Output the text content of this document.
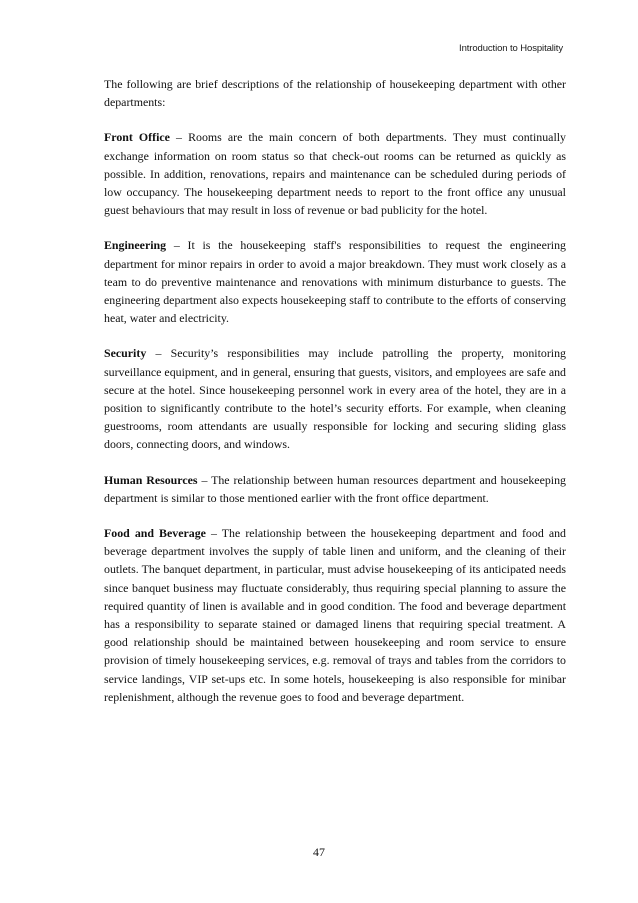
Introduction to Hospitality

The following are brief descriptions of the relationship of housekeeping department with other departments:

Front Office – Rooms are the main concern of both departments. They must continually exchange information on room status so that check-out rooms can be returned as quickly as possible. In addition, renovations, repairs and maintenance can be scheduled during periods of low occupancy. The housekeeping department needs to report to the front office any unusual guest behaviours that may result in loss of revenue or bad publicity for the hotel.

Engineering – It is the housekeeping staff's responsibilities to request the engineering department for minor repairs in order to avoid a major breakdown. They must work closely as a team to do preventive maintenance and renovations with minimum disturbance to guests. The engineering department also expects housekeeping staff to contribute to the efforts of conserving heat, water and electricity.

Security – Security’s responsibilities may include patrolling the property, monitoring surveillance equipment, and in general, ensuring that guests, visitors, and employees are safe and secure at the hotel. Since housekeeping personnel work in every area of the hotel, they are in a position to significantly contribute to the hotel’s security efforts. For example, when cleaning guestrooms, room attendants are usually responsible for locking and securing sliding glass doors, connecting doors, and windows.

Human Resources – The relationship between human resources department and housekeeping department is similar to those mentioned earlier with the front office department.

Food and Beverage – The relationship between the housekeeping department and food and beverage department involves the supply of table linen and uniform, and the cleaning of their outlets. The banquet department, in particular, must advise housekeeping of its anticipated needs since banquet business may fluctuate considerably, thus requiring special planning to assure the required quantity of linen is available and in good condition. The food and beverage department has a responsibility to separate stained or damaged linens that requiring special treatment. A good relationship should be maintained between housekeeping and room service to ensure provision of timely housekeeping services, e.g. removal of trays and tables from the corridors to service landings, VIP set-ups etc. In some hotels, housekeeping is also responsible for minibar replenishment, although the revenue goes to food and beverage department.

47
